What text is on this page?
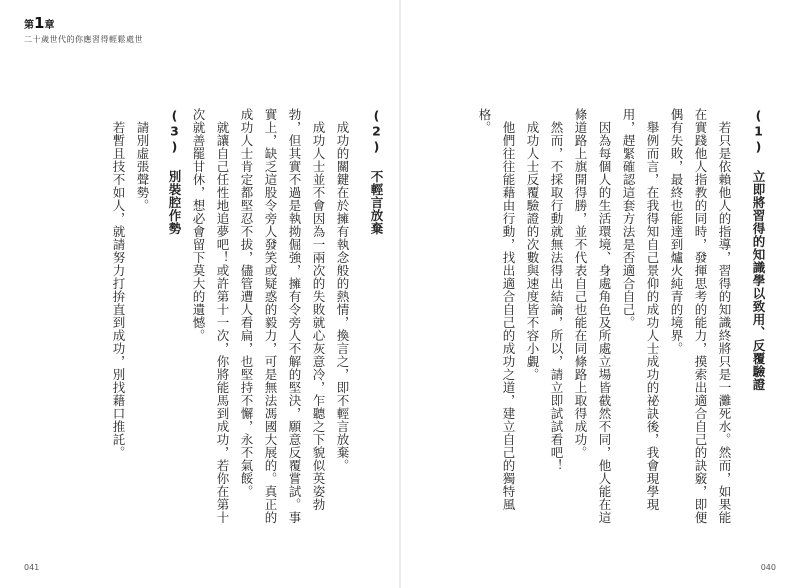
第1章
二十歲世代的你應習得輕鬆處世
(1) 立即將習得的知識學以致用、反覆驗證

若只是依賴他人的指導，習得的知識終將只是一灘死水。然而，如果能在實踐他人指教的同時，發揮思考的能力，摸索出適合自己的訣竅，即便偶有失敗，最終也能達到爐火純青的境界。

舉例而言，在我得知自己景仰的成功人士成功的祕訣後，我會現學現用，趕緊確認這套方法是否適合自己。

因為每個人的生活環境、身處角色及所處立場皆截然不同，他人能在這條道路上旗開得勝，並不代表自己也能在同條路上取得成功。

然而，不採取行動就無法得出結論，所以，請立即試試看吧！

成功人士反覆驗證的次數與速度皆不容小覷。

他們往往能藉由行動，找出適合自己的成功之道，建立自己的獨特風格。

(2) 不輕言放棄

成功的關鍵在於擁有執念般的熱情，換言之，即不輕言放棄。

成功人士並不會因為一兩次的失敗就心灰意冷，乍聽之下貌似英姿勃勃，但其實不過是執拗倔強，擁有令旁人不解的堅決，願意反覆嘗試。事實上，缺乏這股令旁人發笑或疑惑的毅力，可是無法馮國大展的。真正的成功人士肯定都堅忍不拔，儘管遭人看扁，也堅持不懈，永不氣餒。

就讓自己任性地追夢吧！或許第十一次，你將能馬到成功，若你在第十次就善罷甘休，想必會留下莫大的遺憾。

(3) 別裝腔作勢

請別虛張聲勢。

若暫且技不如人，就請努力打拚直到成功，別找藉口推託。

041	040
